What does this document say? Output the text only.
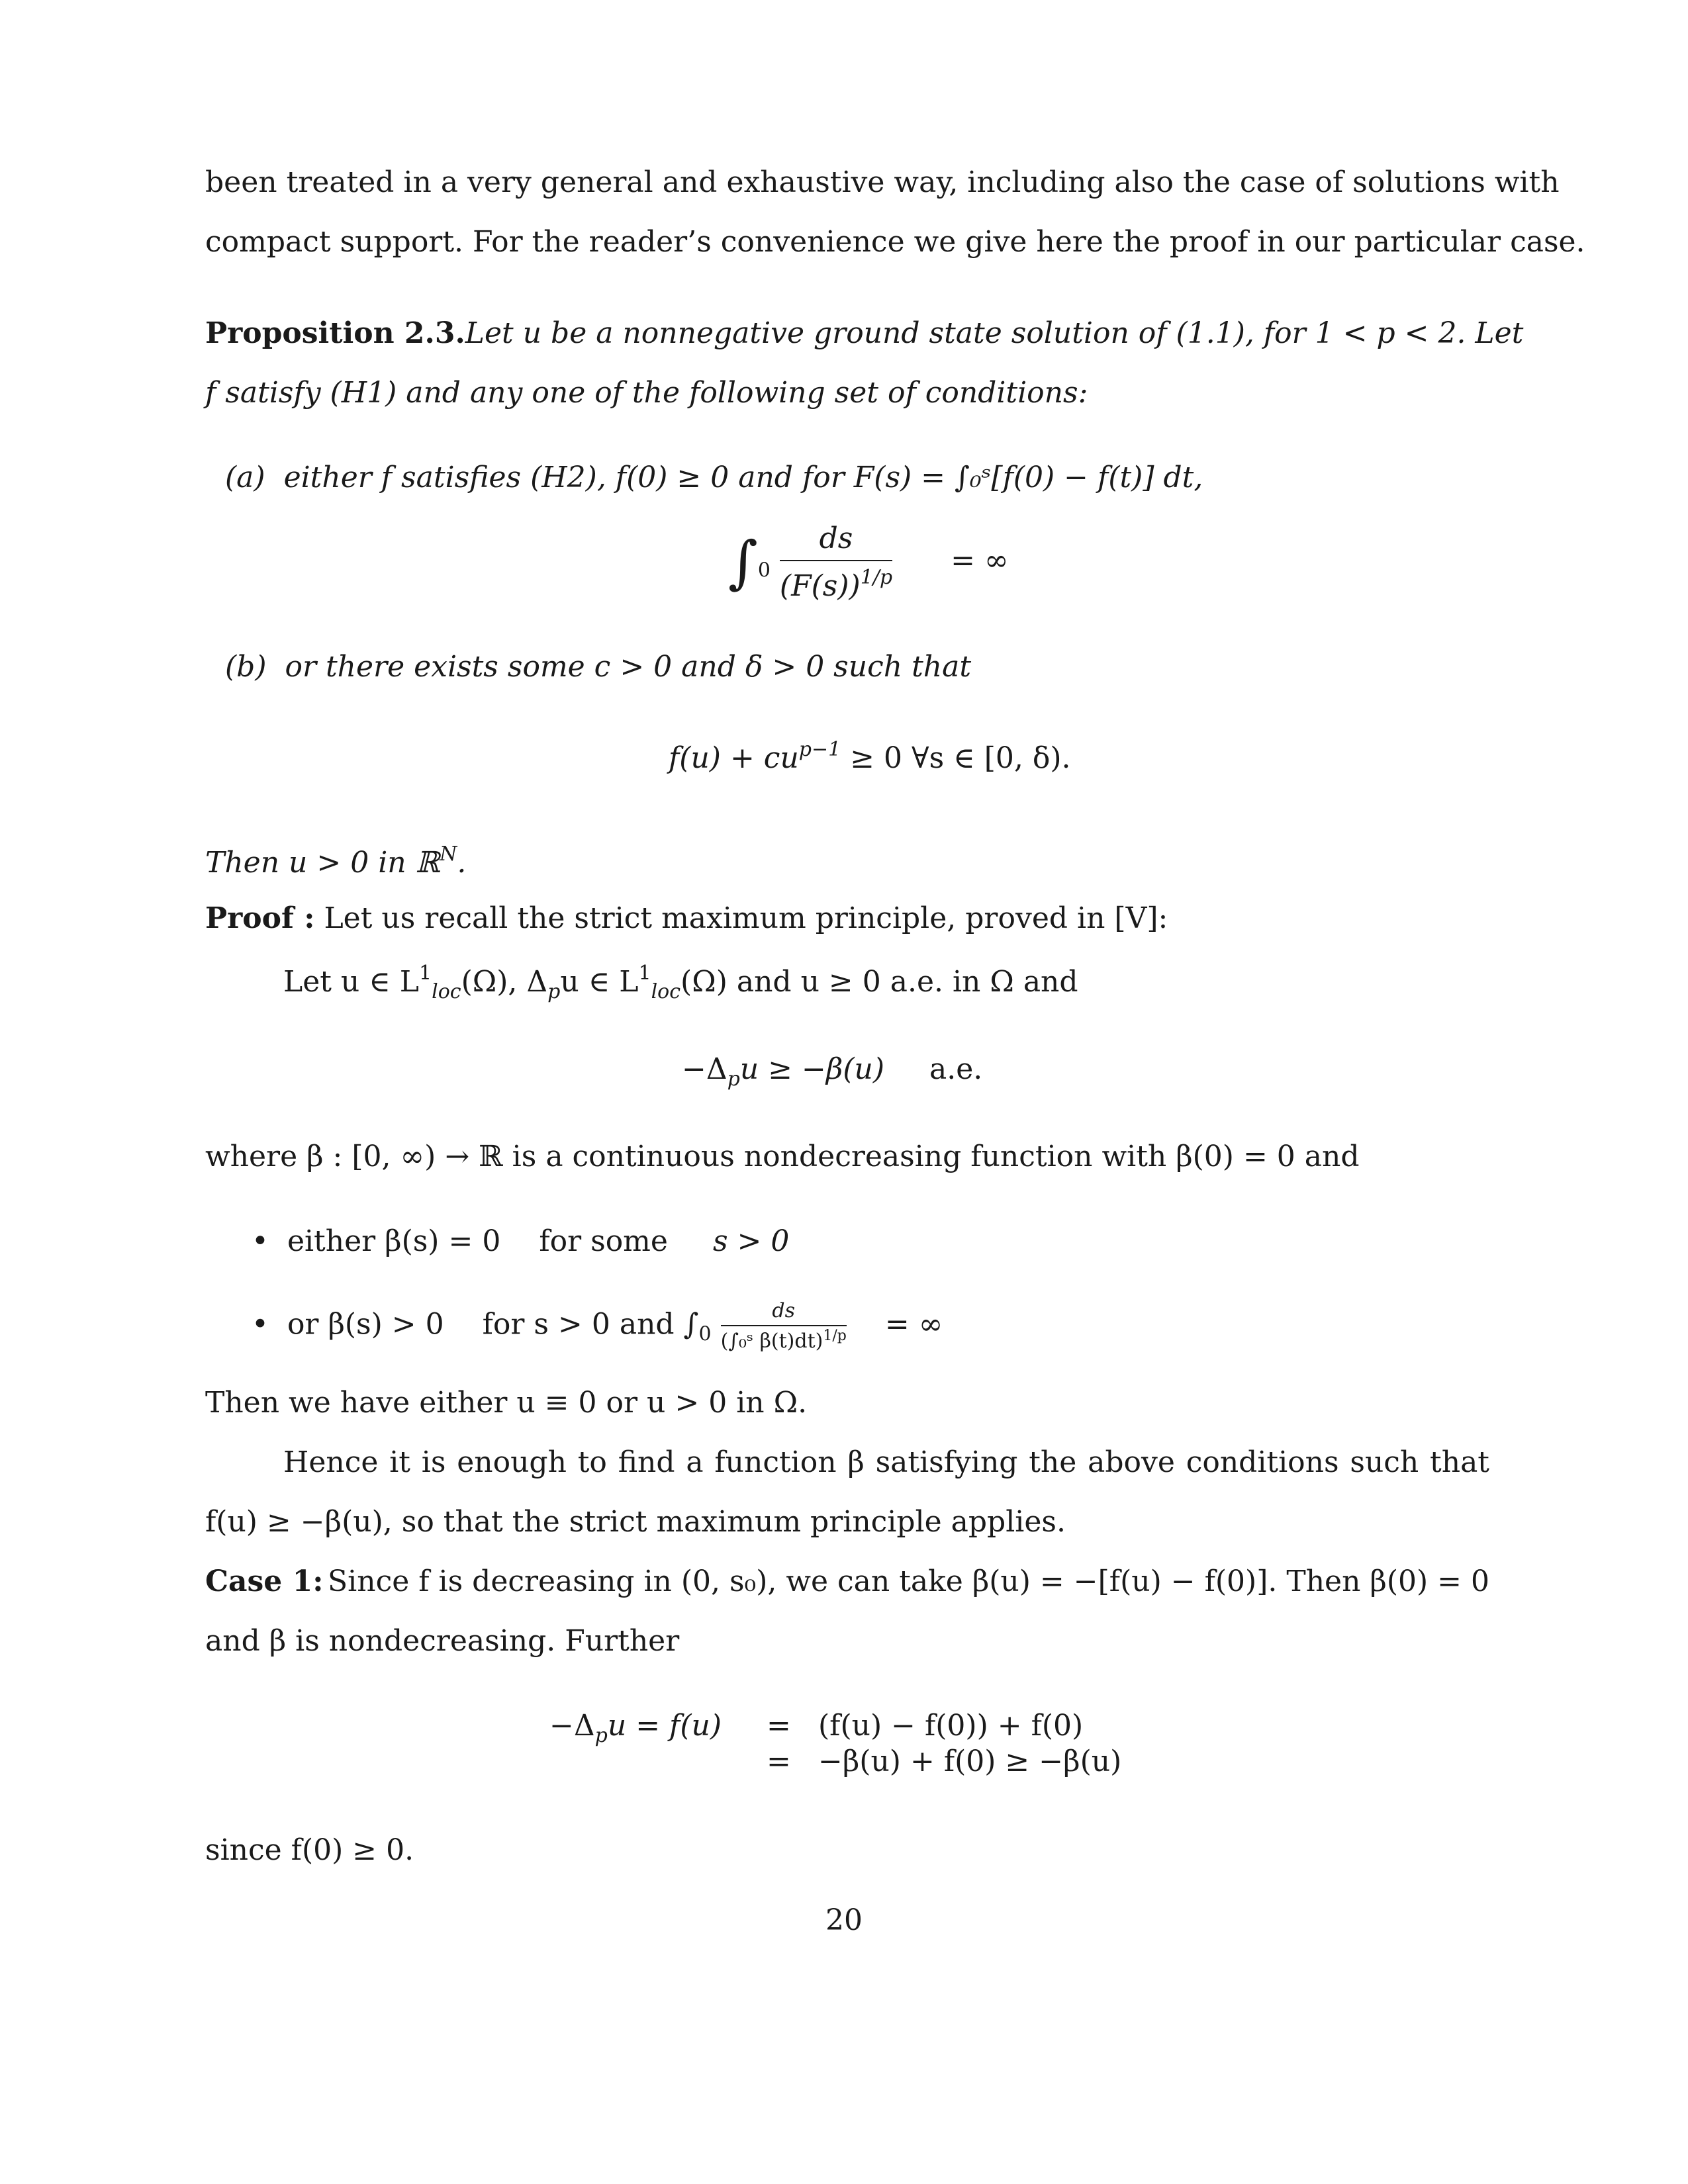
been treated in a very general and exhaustive way, including also the case of solutions with
compact support. For the reader’s convenience we give here the proof in our particular case.
Proposition 2.3. Let u be a nonnegative ground state solution of (1.1), for 1 < p < 2. Let
f satisfy (H1) and any one of the following set of conditions:
(a) either f satisfies (H2), f(0) ≥ 0 and for F(s) = ∫₀ˢ[f(0) − f(t)] dt,
$\int_0 \frac{ds}{(F(s))^{1/p}}$ = ∞
(b) or there exists some c > 0 and δ > 0 such that
$f(u) + cu^{p-1} \ge 0$ ∀s ∈ [0, δ).
Then u > 0 in ℝ$^N$.
Proof : Let us recall the strict maximum principle, proved in [V]:
Let u ∈ $L^1_{loc}(\Omega)$, $\Delta_pu$ ∈ $L^1_{loc}(\Omega)$ and u ≥ 0 a.e. in Ω and
$-\Delta_pu \ge -\beta(u)$ a.e.
where β : [0, ∞) → ℝ is a continuous nondecreasing function with β(0) = 0 and
• either β(s) = 0 for some s > 0
• or β(s) > 0 for s > 0 and $\int_0 \frac{ds}{(\int_0ˢ \beta(t)dt)^{1/p}}$ = ∞
Then we have either u ≡ 0 or u > 0 in Ω.
Hence it is enough to find a function β satisfying the above conditions such that
f(u) ≥ −β(u), so that the strict maximum principle applies.
Case 1: Since f is decreasing in (0, s₀), we can take β(u) = −[f(u) − f(0)]. Then β(0) = 0
and β is nondecreasing. Further
$-\Delta_pu = f(u) = (f(u) - f(0)) + f(0)$
= −β(u) + f(0) ≥ −β(u)
since f(0) ≥ 0.
20
